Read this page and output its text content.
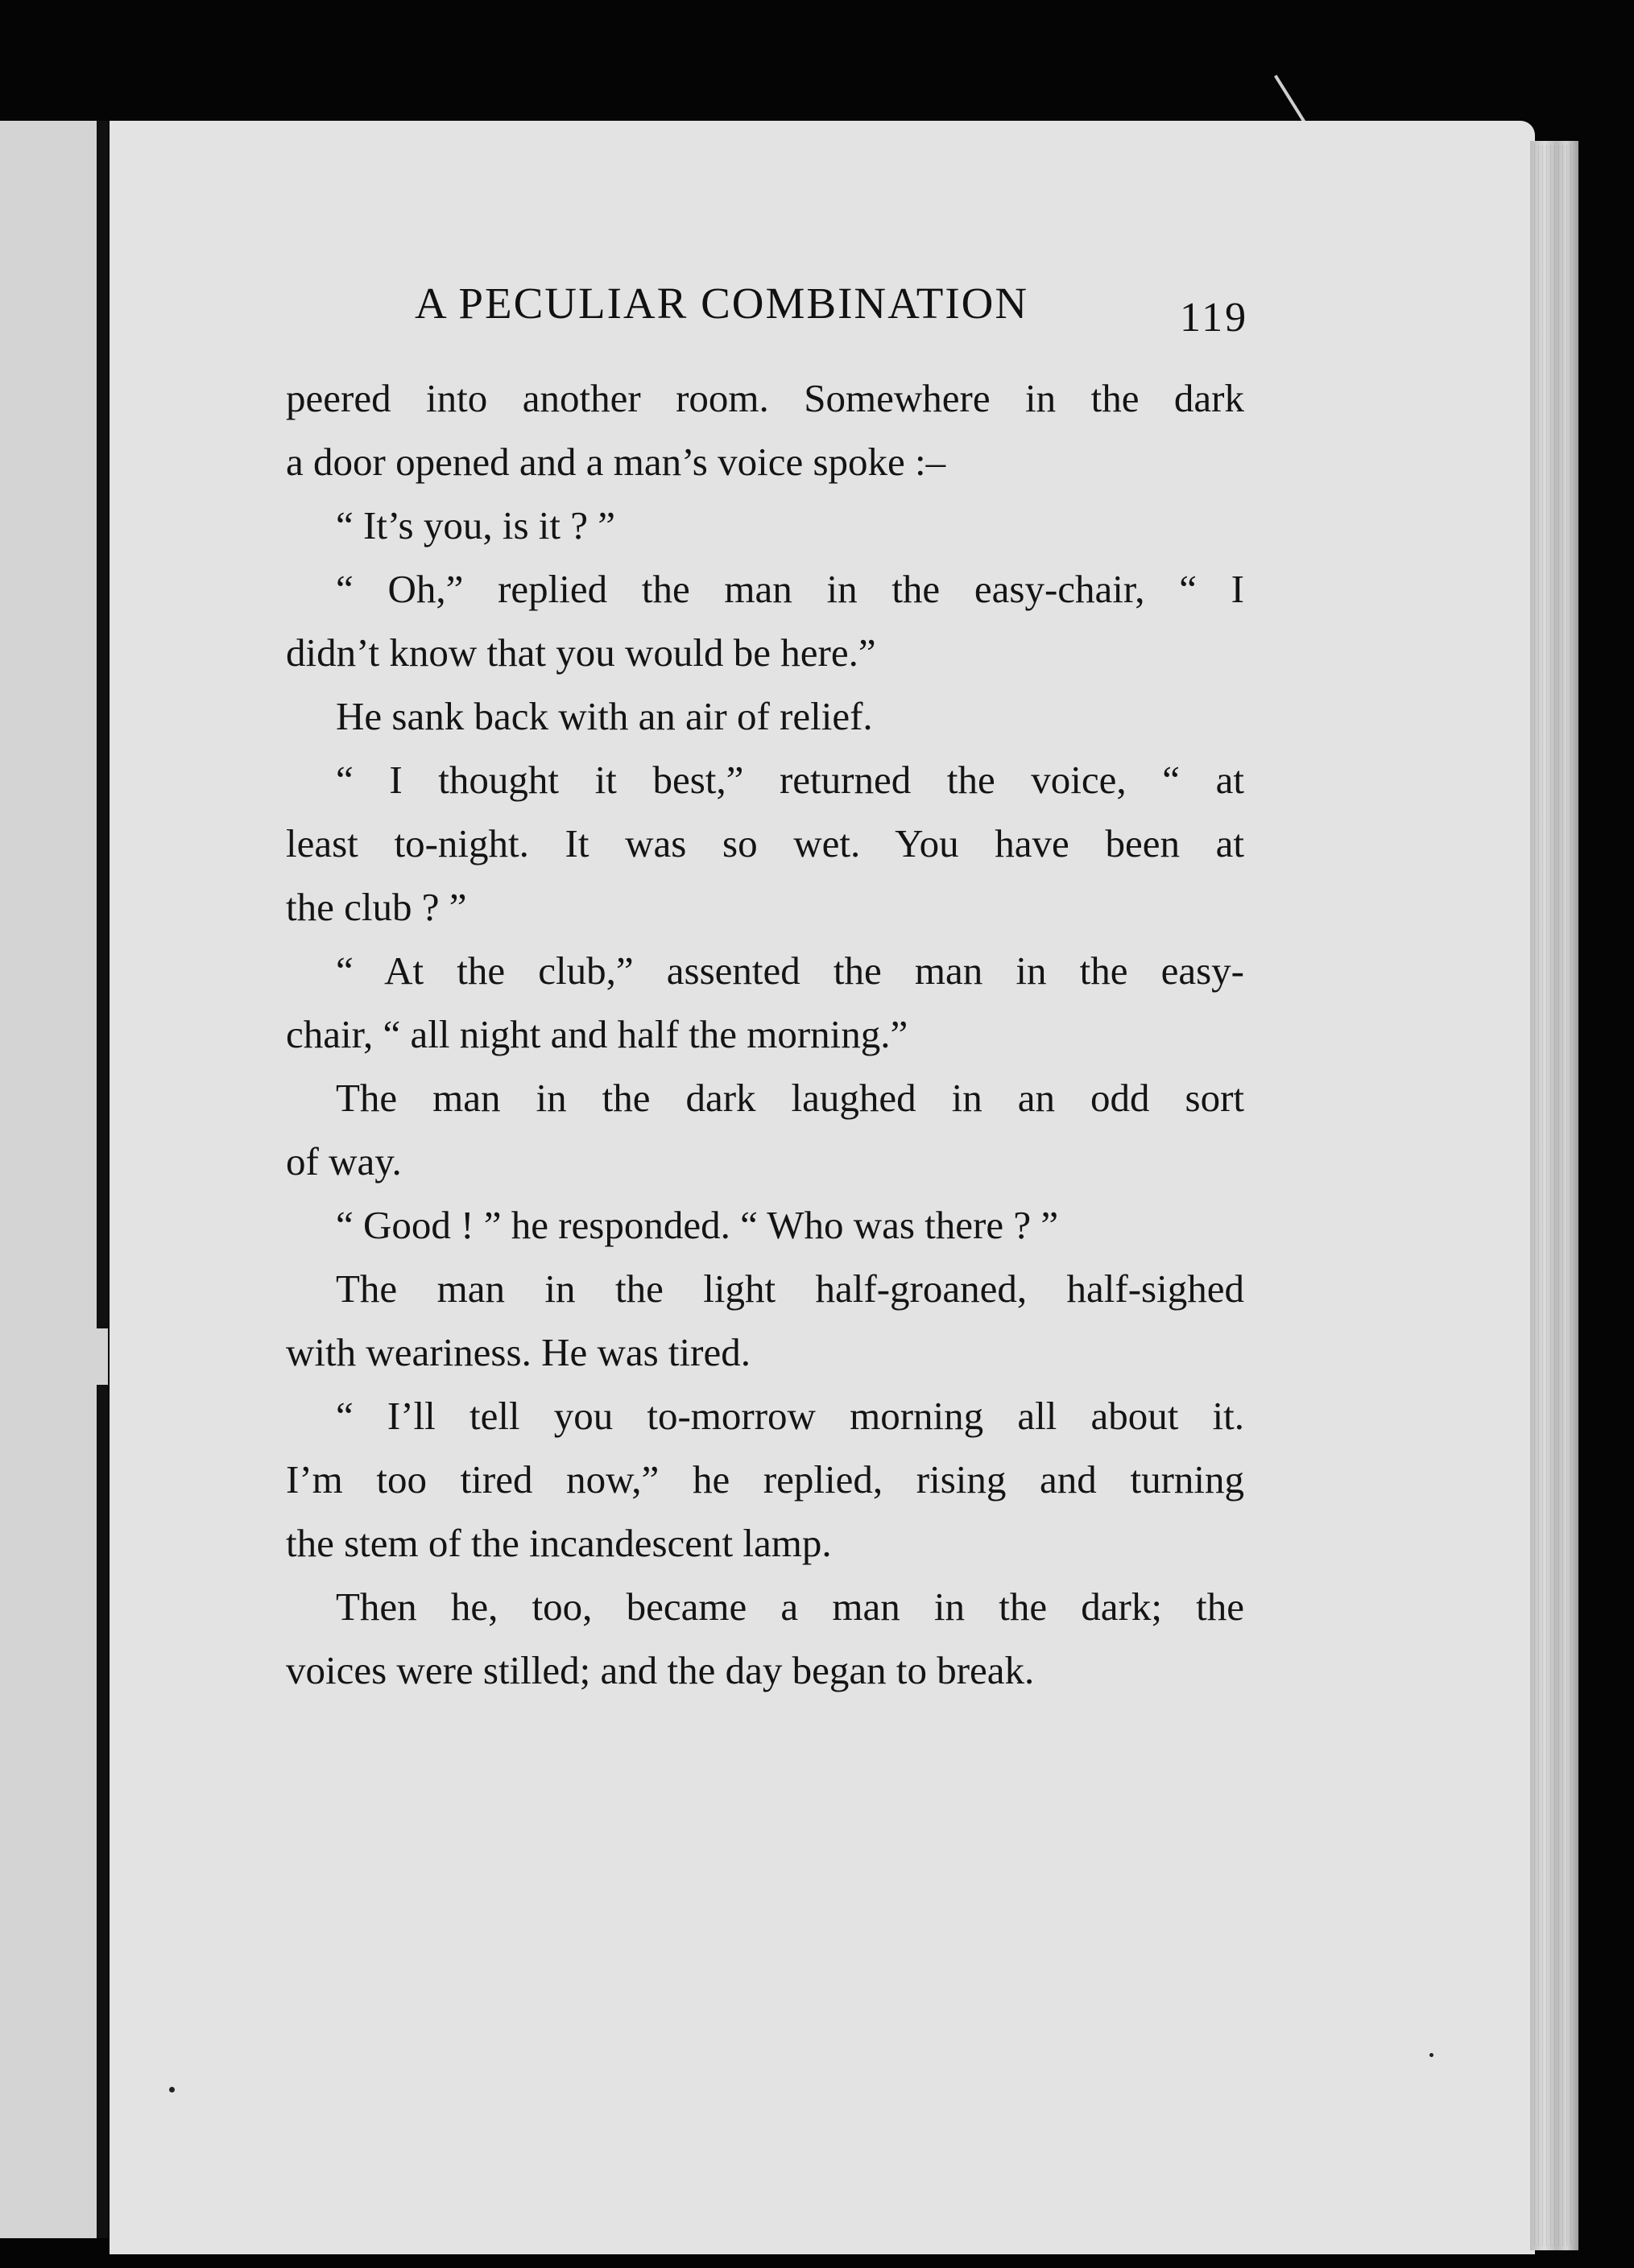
A PECULIAR COMBINATION	119
peered into another room. Somewhere in the dark
a door opened and a man’s voice spoke :–
“ It’s you, is it ? ”
“ Oh,” replied the man in the easy-chair, “ I
didn’t know that you would be here.”
He sank back with an air of relief.
“ I thought it best,” returned the voice, “ at
least to-night. It was so wet. You have been at
the club ? ”
“ At the club,” assented the man in the easy-
chair, “ all night and half the morning.”
The man in the dark laughed in an odd sort
of way.
“ Good ! ” he responded. “ Who was there ? ”
The man in the light half-groaned, half-sighed
with weariness. He was tired.
“ I’ll tell you to-morrow morning all about it.
I’m too tired now,” he replied, rising and turning
the stem of the incandescent lamp.
Then he, too, became a man in the dark; the
voices were stilled; and the day began to break.
